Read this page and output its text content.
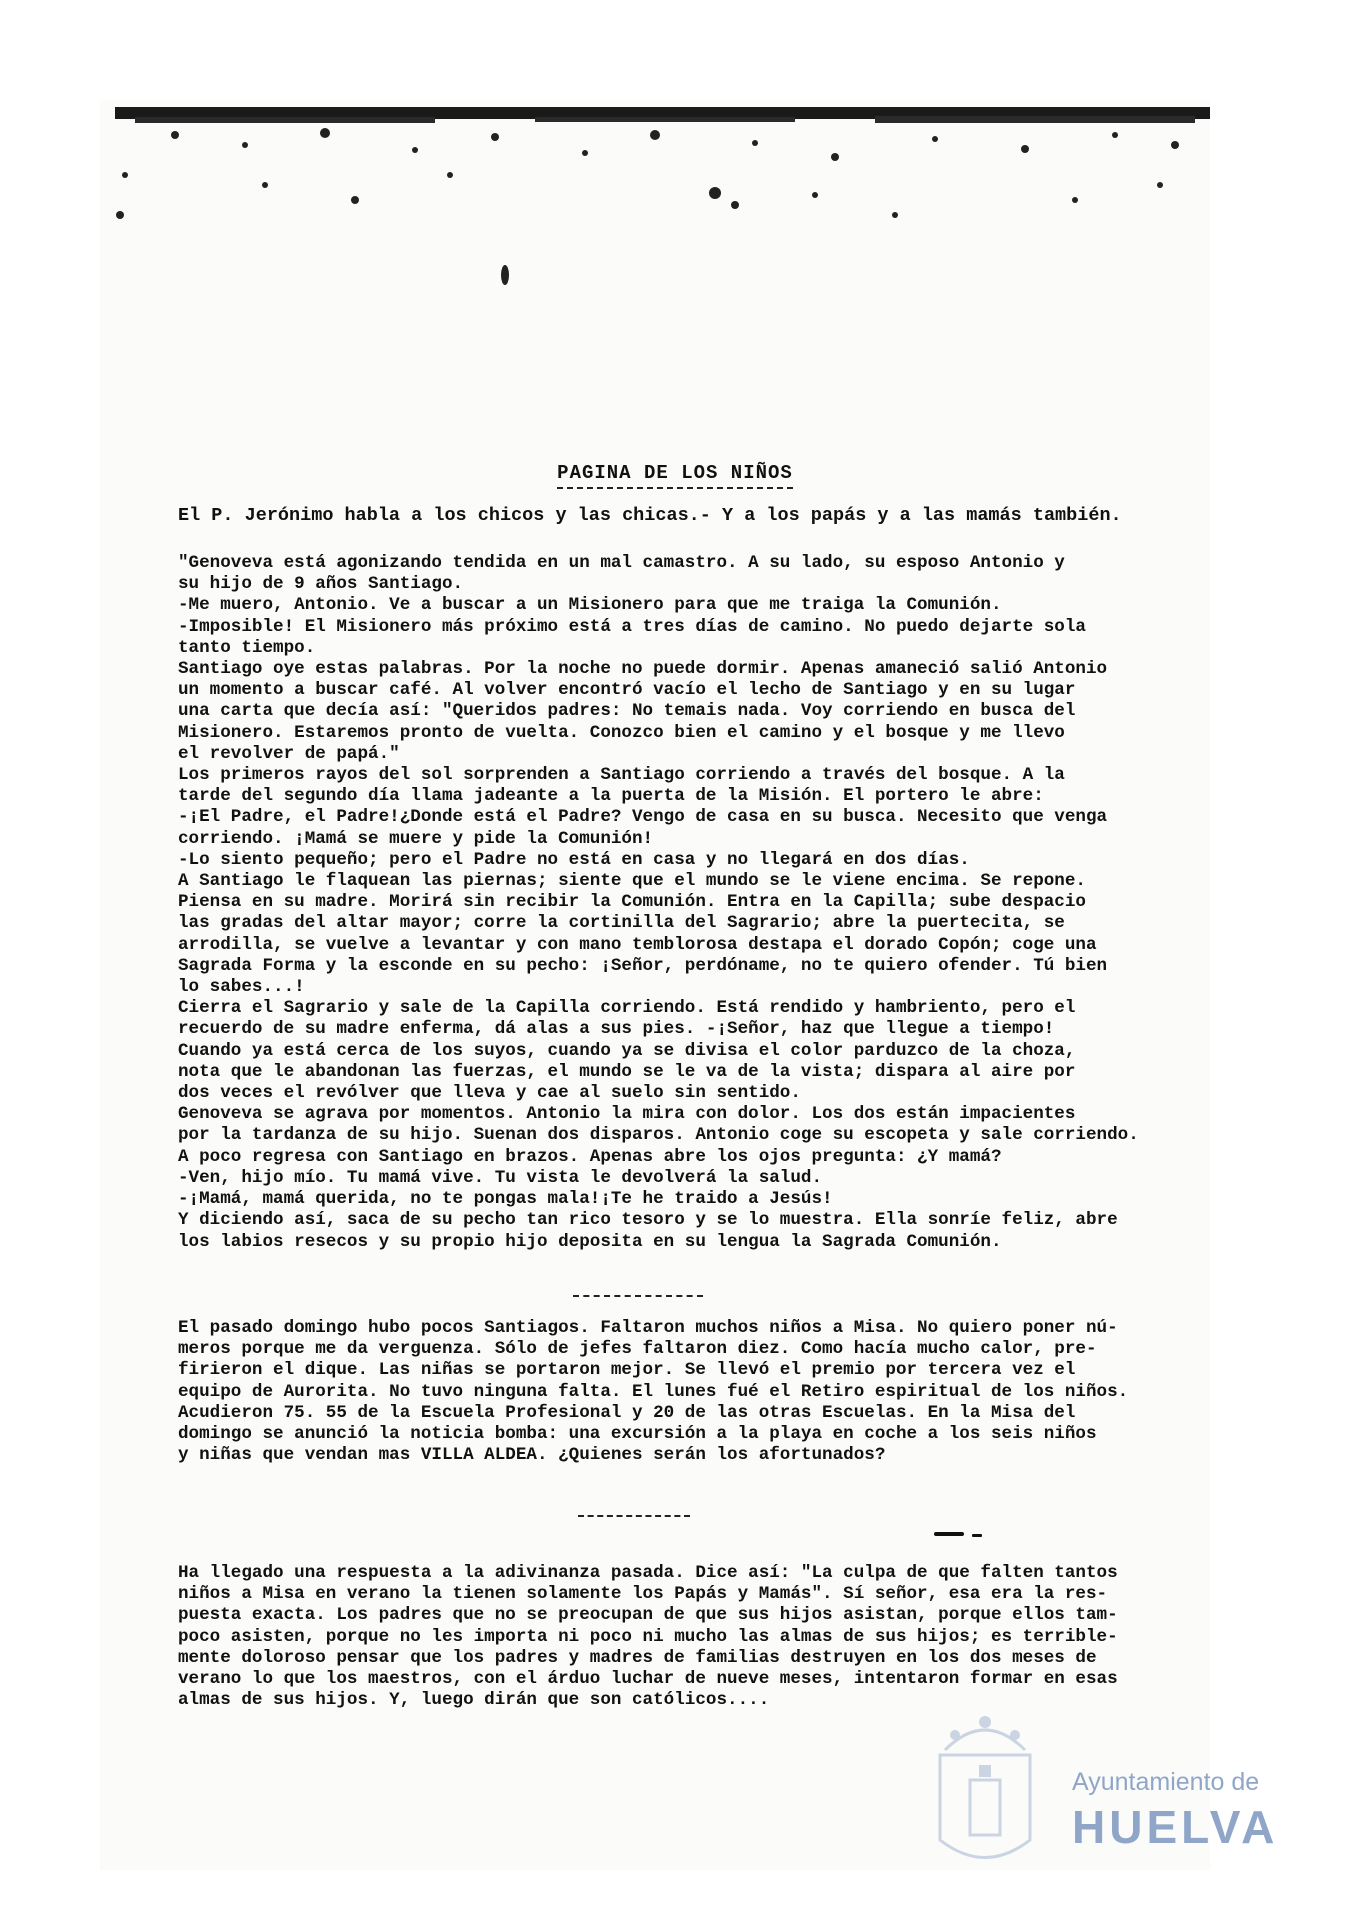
PAGINA DE LOS NIÑOS
El P. Jerónimo habla a los chicos y las chicas.- Y a los papás y a las mamás también.
"Genoveva está agonizando tendida en un mal camastro. A su lado, su esposo Antonio y
su hijo de 9 años Santiago.
-Me muero, Antonio. Ve a buscar a un Misionero para que me traiga la Comunión.
-Imposible! El Misionero más próximo está a tres días de camino. No puedo dejarte sola
tanto tiempo.
Santiago oye estas palabras. Por la noche no puede dormir. Apenas amaneció salió Antonio
un momento a buscar café. Al volver encontró vacío el lecho de Santiago y en su lugar
una carta que decía así: "Queridos padres: No temais nada. Voy corriendo en busca del
Misionero. Estaremos pronto de vuelta. Conozco bien el camino y el bosque y me llevo
el revolver de papá."
Los primeros rayos del sol sorprenden a Santiago corriendo a través del bosque. A la
tarde del segundo día llama jadeante a la puerta de la Misión. El portero le abre:
-¡El Padre, el Padre!¿Donde está el Padre? Vengo de casa en su busca. Necesito que venga
corriendo. ¡Mamá se muere y pide la Comunión!
-Lo siento pequeño; pero el Padre no está en casa y no llegará en dos días.
A Santiago le flaquean las piernas; siente que el mundo se le viene encima. Se repone.
Piensa en su madre. Morirá sin recibir la Comunión. Entra en la Capilla; sube despacio
las gradas del altar mayor; corre la cortinilla del Sagrario; abre la puertecita, se
arrodilla, se vuelve a levantar y con mano temblorosa destapa el dorado Copón; coge una
Sagrada Forma y la esconde en su pecho: ¡Señor, perdóname, no te quiero ofender. Tú bien
lo sabes...!
Cierra el Sagrario y sale de la Capilla corriendo. Está rendido y hambriento, pero el
recuerdo de su madre enferma, dá alas a sus pies. -¡Señor, haz que llegue a tiempo!
Cuando ya está cerca de los suyos, cuando ya se divisa el color parduzco de la choza,
nota que le abandonan las fuerzas, el mundo se le va de la vista; dispara al aire por
dos veces el revólver que lleva y cae al suelo sin sentido.
Genoveva se agrava por momentos. Antonio la mira con dolor. Los dos están impacientes
por la tardanza de su hijo. Suenan dos disparos. Antonio coge su escopeta y sale corriendo.
A poco regresa con Santiago en brazos. Apenas abre los ojos pregunta: ¿Y mamá?
-Ven, hijo mío. Tu mamá vive. Tu vista le devolverá la salud.
-¡Mamá, mamá querida, no te pongas mala!¡Te he traido a Jesús!
Y diciendo así, saca de su pecho tan rico tesoro y se lo muestra. Ella sonríe feliz, abre
los labios resecos y su propio hijo deposita en su lengua la Sagrada Comunión.
El pasado domingo hubo pocos Santiagos. Faltaron muchos niños a Misa. No quiero poner nú-
meros porque me da verguenza. Sólo de jefes faltaron diez. Como hacía mucho calor, pre-
firieron el dique. Las niñas se portaron mejor. Se llevó el premio por tercera vez el
equipo de Aurorita. No tuvo ninguna falta. El lunes fué el Retiro espiritual de los niños.
Acudieron 75. 55 de la Escuela Profesional y 20 de las otras Escuelas. En la Misa del
domingo se anunció la noticia bomba: una excursión a la playa en coche a los seis niños
y niñas que vendan mas VILLA ALDEA. ¿Quienes serán los afortunados?
Ha llegado una respuesta a la adivinanza pasada. Dice así: "La culpa de que falten tantos
niños a Misa en verano la tienen solamente los Papás y Mamás". Sí señor, esa era la res-
puesta exacta. Los padres que no se preocupan de que sus hijos asistan, porque ellos tam-
poco asisten, porque no les importa ni poco ni mucho las almas de sus hijos; es terrible-
mente doloroso pensar que los padres y madres de familias destruyen en los dos meses de
verano lo que los maestros, con el árduo luchar de nueve meses, intentaron formar en esas
almas de sus hijos. Y, luego dirán que son católicos....
Ayuntamiento de
HUELVA
